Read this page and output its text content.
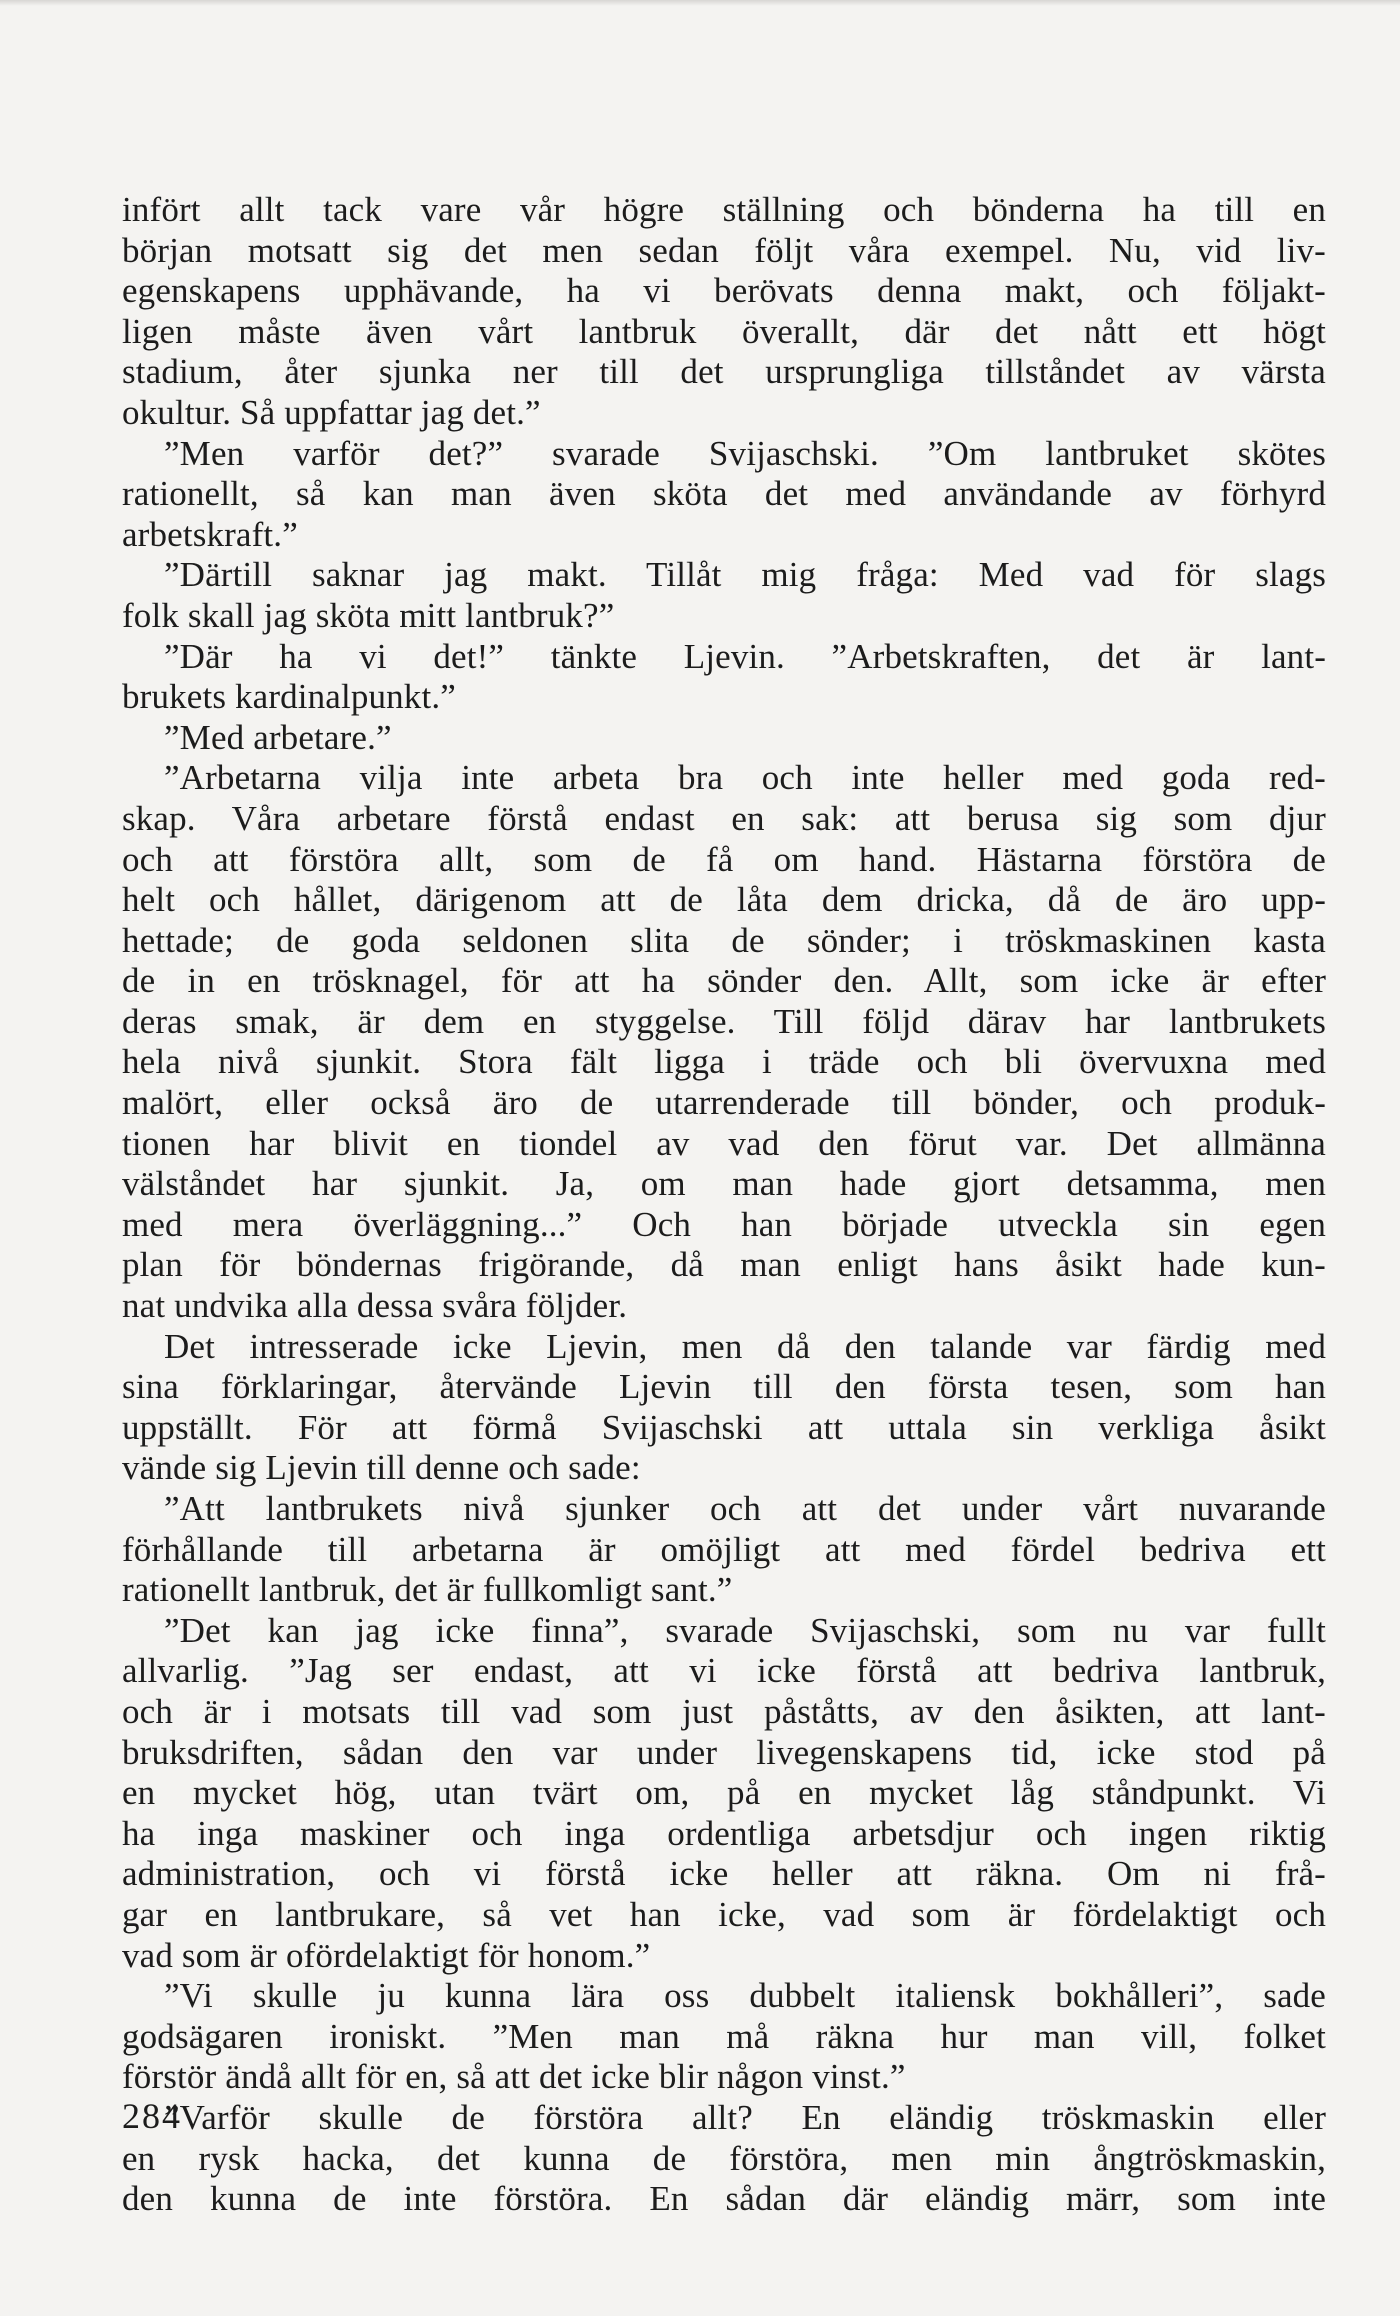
infört allt tack vare vår högre ställning och bönderna ha till en
början motsatt sig det men sedan följt våra exempel. Nu, vid liv-
egenskapens upphävande, ha vi berövats denna makt, och följakt-
ligen måste även vårt lantbruk överallt, där det nått ett högt
stadium, åter sjunka ner till det ursprungliga tillståndet av värsta
okultur. Så uppfattar jag det.”
”Men varför det?” svarade Svijaschski. ”Om lantbruket skötes
rationellt, så kan man även sköta det med användande av förhyrd
arbetskraft.”
”Därtill saknar jag makt. Tillåt mig fråga: Med vad för slags
folk skall jag sköta mitt lantbruk?”
”Där ha vi det!” tänkte Ljevin. ”Arbetskraften, det är lant-
brukets kardinalpunkt.”
”Med arbetare.”
”Arbetarna vilja inte arbeta bra och inte heller med goda red-
skap. Våra arbetare förstå endast en sak: att berusa sig som djur
och att förstöra allt, som de få om hand. Hästarna förstöra de
helt och hållet, därigenom att de låta dem dricka, då de äro upp-
hettade; de goda seldonen slita de sönder; i tröskmaskinen kasta
de in en trösknagel, för att ha sönder den. Allt, som icke är efter
deras smak, är dem en styggelse. Till följd därav har lantbrukets
hela nivå sjunkit. Stora fält ligga i träde och bli övervuxna med
malört, eller också äro de utarrenderade till bönder, och produk-
tionen har blivit en tiondel av vad den förut var. Det allmänna
välståndet har sjunkit. Ja, om man hade gjort detsamma, men
med mera överläggning...” Och han började utveckla sin egen
plan för böndernas frigörande, då man enligt hans åsikt hade kun-
nat undvika alla dessa svåra följder.
Det intresserade icke Ljevin, men då den talande var färdig med
sina förklaringar, återvände Ljevin till den första tesen, som han
uppställt. För att förmå Svijaschski att uttala sin verkliga åsikt
vände sig Ljevin till denne och sade:
”Att lantbrukets nivå sjunker och att det under vårt nuvarande
förhållande till arbetarna är omöjligt att med fördel bedriva ett
rationellt lantbruk, det är fullkomligt sant.”
”Det kan jag icke finna”, svarade Svijaschski, som nu var fullt
allvarlig. ”Jag ser endast, att vi icke förstå att bedriva lantbruk,
och är i motsats till vad som just påståtts, av den åsikten, att lant-
bruksdriften, sådan den var under livegenskapens tid, icke stod på
en mycket hög, utan tvärt om, på en mycket låg ståndpunkt. Vi
ha inga maskiner och inga ordentliga arbetsdjur och ingen riktig
administration, och vi förstå icke heller att räkna. Om ni frå-
gar en lantbrukare, så vet han icke, vad som är fördelaktigt och
vad som är ofördelaktigt för honom.”
”Vi skulle ju kunna lära oss dubbelt italiensk bokhålleri”, sade
godsägaren ironiskt. ”Men man må räkna hur man vill, folket
förstör ändå allt för en, så att det icke blir någon vinst.”
”Varför skulle de förstöra allt? En eländig tröskmaskin eller
en rysk hacka, det kunna de förstöra, men min ångtröskmaskin,
den kunna de inte förstöra. En sådan där eländig märr, som inte
284
